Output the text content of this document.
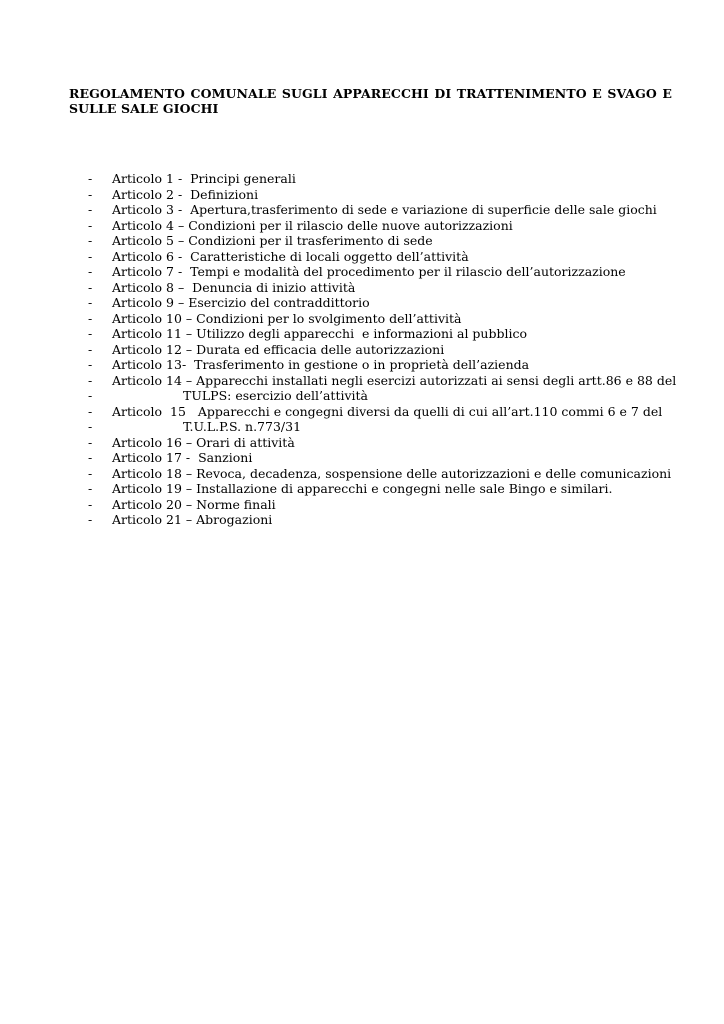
REGOLAMENTO COMUNALE SUGLI APPARECCHI DI TRATTENIMENTO E SVAGO E SULLE SALE GIOCHI

- Articolo 1 -  Principi generali
- Articolo 2 -  Definizioni
- Articolo 3 -  Apertura,trasferimento di sede e variazione di superficie delle sale giochi
- Articolo 4 – Condizioni per il rilascio delle nuove autorizzazioni
- Articolo 5 – Condizioni per il trasferimento di sede
- Articolo 6 -  Caratteristiche di locali oggetto dell’attività
- Articolo 7 -  Tempi e modalità del procedimento per il rilascio dell’autorizzazione
- Articolo 8 –  Denuncia di inizio attività
- Articolo 9 – Esercizio del contraddittorio
- Articolo 10 – Condizioni per lo svolgimento dell’attività
- Articolo 11 – Utilizzo degli apparecchi  e informazioni al pubblico
- Articolo 12 – Durata ed efficacia delle autorizzazioni
- Articolo 13-  Trasferimento in gestione o in proprietà dell’azienda
- Articolo 14 – Apparecchi installati negli esercizi autorizzati ai sensi degli artt.86 e 88 del
-	TULPS: esercizio dell’attività
- Articolo  15   Apparecchi e congegni diversi da quelli di cui all’art.110 commi 6 e 7 del
-	T.U.L.P.S. n.773/31
- Articolo 16 – Orari di attività
- Articolo 17 -  Sanzioni
- Articolo 18 – Revoca, decadenza, sospensione delle autorizzazioni e delle comunicazioni
- Articolo 19 – Installazione di apparecchi e congegni nelle sale Bingo e similari.
- Articolo 20 – Norme finali
- Articolo 21 – Abrogazioni
